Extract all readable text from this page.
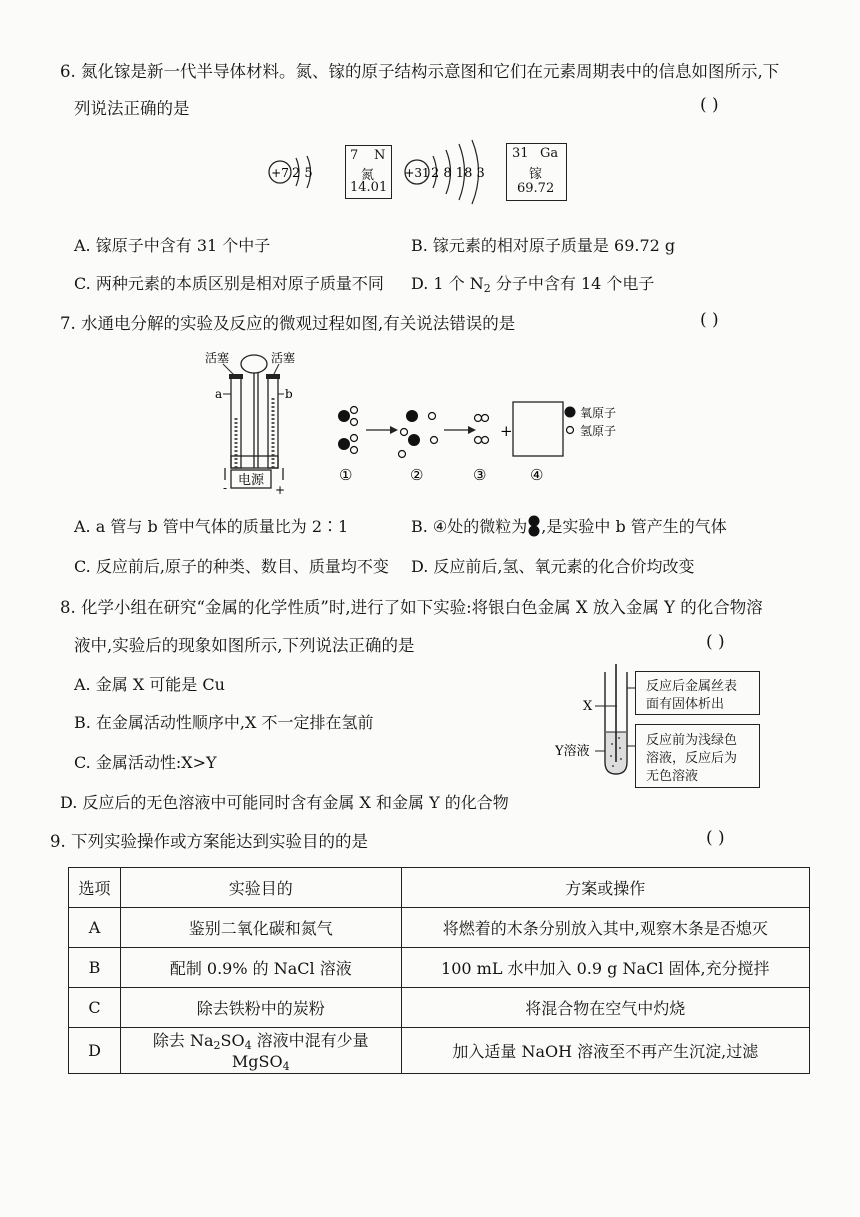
6. 氮化镓是新一代半导体材料。氮、镓的原子结构示意图和它们在元素周期表中的信息如图所示,下
列说法正确的是	( )
+7 2 5	+31 2 8 18 3
7 N
氮
14.01
31 Ga
镓
69.72
A. 镓原子中含有 31 个中子	B. 镓元素的相对原子质量是 69.72 g
C. 两种元素的本质区别是相对原子质量不同 D. 1 个 $N_2$ 分子中含有 14 个电子
7. 水通电分解的实验及反应的微观过程如图,有关说法错误的是	( )
电源
-	+
活塞	活塞
a	b
+
①	②	③	④
氧原子
氢原子
A. a 管与 b 管中气体的质量比为 2∶1	B. ④处的微粒为 ,是实验中 b 管产生的气体
C. 反应前后,原子的种类、数目、质量均不变 D. 反应前后,氢、氧元素的化合价均改变
8. 化学小组在研究“金属的化学性质”时,进行了如下实验:将银白色金属 X 放入金属 Y 的化合物溶
液中,实验后的现象如图所示,下列说法正确的是	( )
A. 金属 X 可能是 Cu
B. 在金属活动性顺序中,X 不一定排在氢前
C. 金属活动性:X>Y
D. 反应后的无色溶液中可能同时含有金属 X 和金属 Y 的化合物
X
Y溶液
反应后金属丝表
面有固体析出
反应前为浅绿色
溶液，反应后为
无色溶液
9. 下列实验操作或方案能达到实验目的的是	( )
选项	实验目的	方案或操作
A	鉴别二氧化碳和氮气	将燃着的木条分别放入其中,观察木条是否熄灭
B	配制 0.9% 的 NaCl 溶液	100 mL 水中加入 0.9 g NaCl 固体,充分搅拌
C	除去铁粉中的炭粉	将混合物在空气中灼烧
D	除去 $Na_2SO_4$ 溶液中混有少量 MgSO$_4$	加入适量 NaOH 溶液至不再产生沉淀,过滤
